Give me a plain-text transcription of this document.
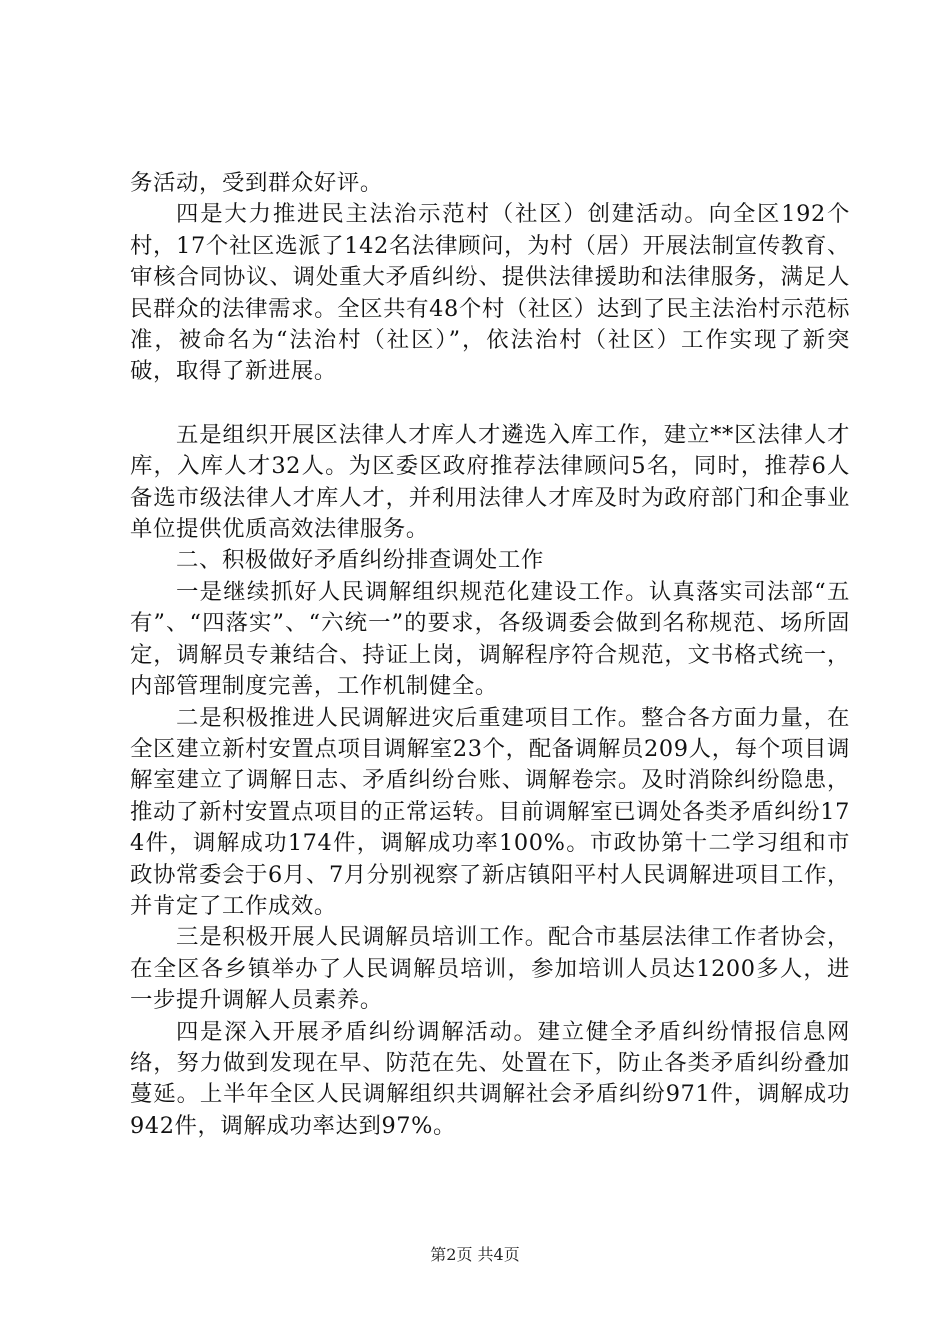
务活动，受到群众好评。

四是大力推进民主法治示范村（社区）创建活动。向全区192个村，17个社区选派了142名法律顾问，为村（居）开展法制宣传教育、审核合同协议、调处重大矛盾纠纷、提供法律援助和法律服务，满足人民群众的法律需求。全区共有48个村（社区）达到了民主法治村示范标准，被命名为“法治村（社区）”，依法治村（社区）工作实现了新突破，取得了新进展。

五是组织开展区法律人才库人才遴选入库工作，建立**区法律人才库，入库人才32人。为区委区政府推荐法律顾问5名，同时，推荐6人备选市级法律人才库人才，并利用法律人才库及时为政府部门和企事业单位提供优质高效法律服务。

二、积极做好矛盾纠纷排查调处工作

一是继续抓好人民调解组织规范化建设工作。认真落实司法部“五有”、“四落实”、“六统一”的要求，各级调委会做到名称规范、场所固定，调解员专兼结合、持证上岗，调解程序符合规范，文书格式统一，内部管理制度完善，工作机制健全。

二是积极推进人民调解进灾后重建项目工作。整合各方面力量，在全区建立新村安置点项目调解室23个，配备调解员209人，每个项目调解室建立了调解日志、矛盾纠纷台账、调解卷宗。及时消除纠纷隐患，推动了新村安置点项目的正常运转。目前调解室已调处各类矛盾纠纷174件，调解成功174件，调解成功率100%。市政协第十二学习组和市政协常委会于6月、7月分别视察了新店镇阳平村人民调解进项目工作，并肯定了工作成效。

三是积极开展人民调解员培训工作。配合市基层法律工作者协会，在全区各乡镇举办了人民调解员培训，参加培训人员达1200多人，进一步提升调解人员素养。

四是深入开展矛盾纠纷调解活动。建立健全矛盾纠纷情报信息网络，努力做到发现在早、防范在先、处置在下，防止各类矛盾纠纷叠加蔓延。上半年全区人民调解组织共调解社会矛盾纠纷971件，调解成功942件，调解成功率达到97%。

第2页 共4页
